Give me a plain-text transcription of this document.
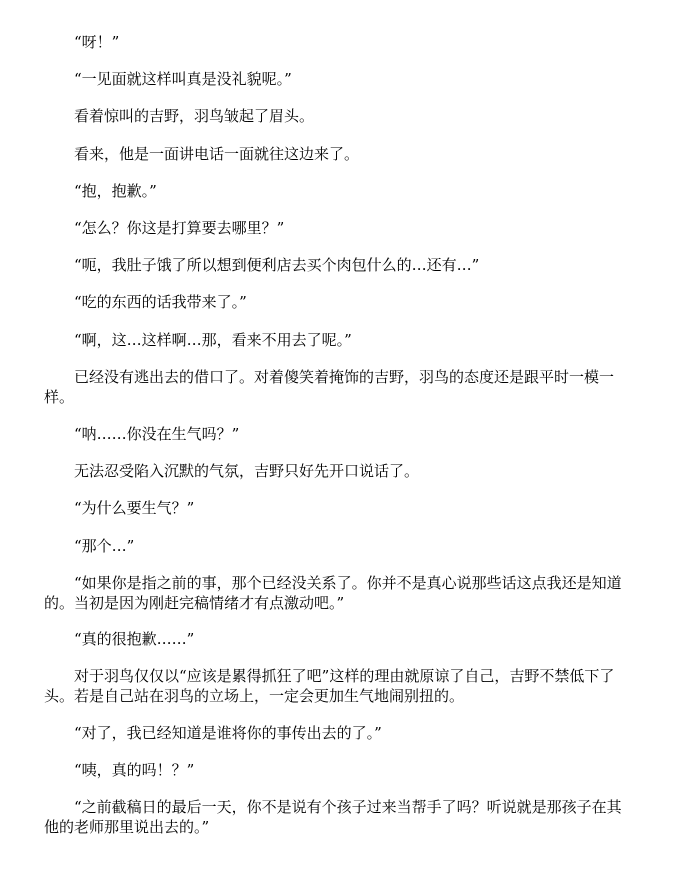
“呀！”

“一见面就这样叫真是没礼貌呢。”

看着惊叫的吉野，羽鸟皱起了眉头。

看来，他是一面讲电话一面就往这边来了。

“抱，抱歉。”

“怎么？你这是打算要去哪里？”

“呃，我肚子饿了所以想到便利店去买个肉包什么的…还有…”

“吃的东西的话我带来了。”

“啊，这…这样啊…那，看来不用去了呢。”

已经没有逃出去的借口了。对着傻笑着掩饰的吉野，羽鸟的态度还是跟平时一模一样。

“呐……你没在生气吗？”

无法忍受陷入沉默的气氛，吉野只好先开口说话了。

“为什么要生气？”

“那个…”

“如果你是指之前的事，那个已经没关系了。你并不是真心说那些话这点我还是知道的。当初是因为刚赶完稿情绪才有点激动吧。”

“真的很抱歉……”

对于羽鸟仅仅以“应该是累得抓狂了吧”这样的理由就原谅了自己，吉野不禁低下了头。若是自己站在羽鸟的立场上，一定会更加生气地闹别扭的。

“对了，我已经知道是谁将你的事传出去的了。”

“咦，真的吗！？”

“之前截稿日的最后一天，你不是说有个孩子过来当帮手了吗？听说就是那孩子在其他的老师那里说出去的。”
